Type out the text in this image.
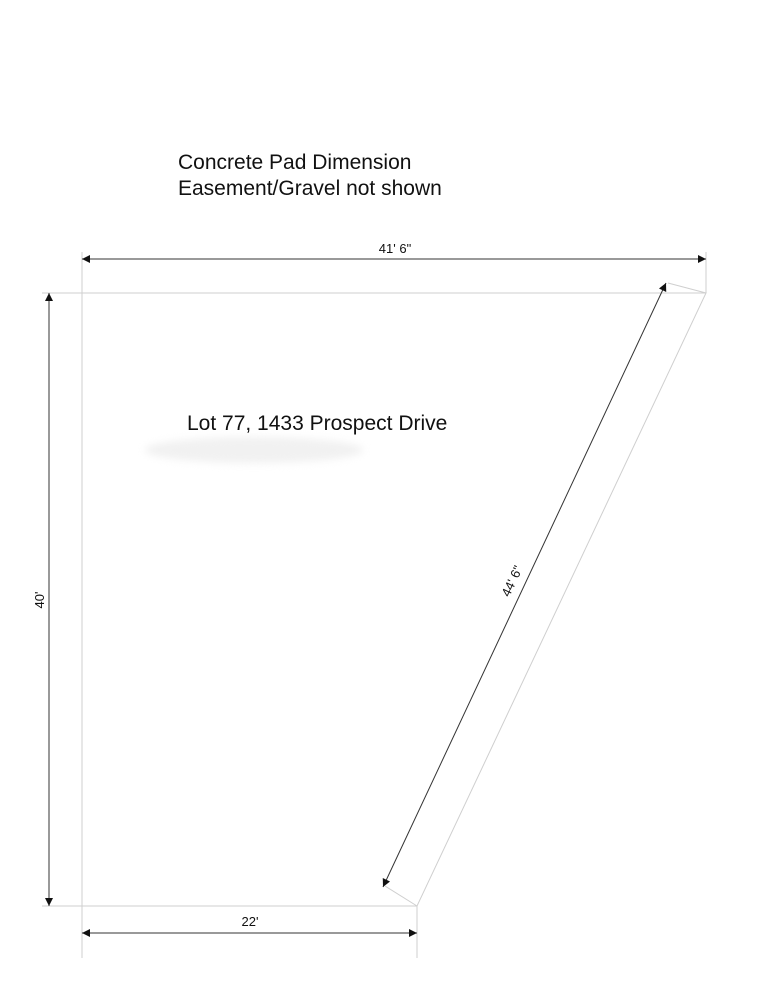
Concrete Pad Dimension
Easement/Gravel not shown
Lot 77, 1433 Prospect Drive
41' 6"
40'
22'
44' 6"
